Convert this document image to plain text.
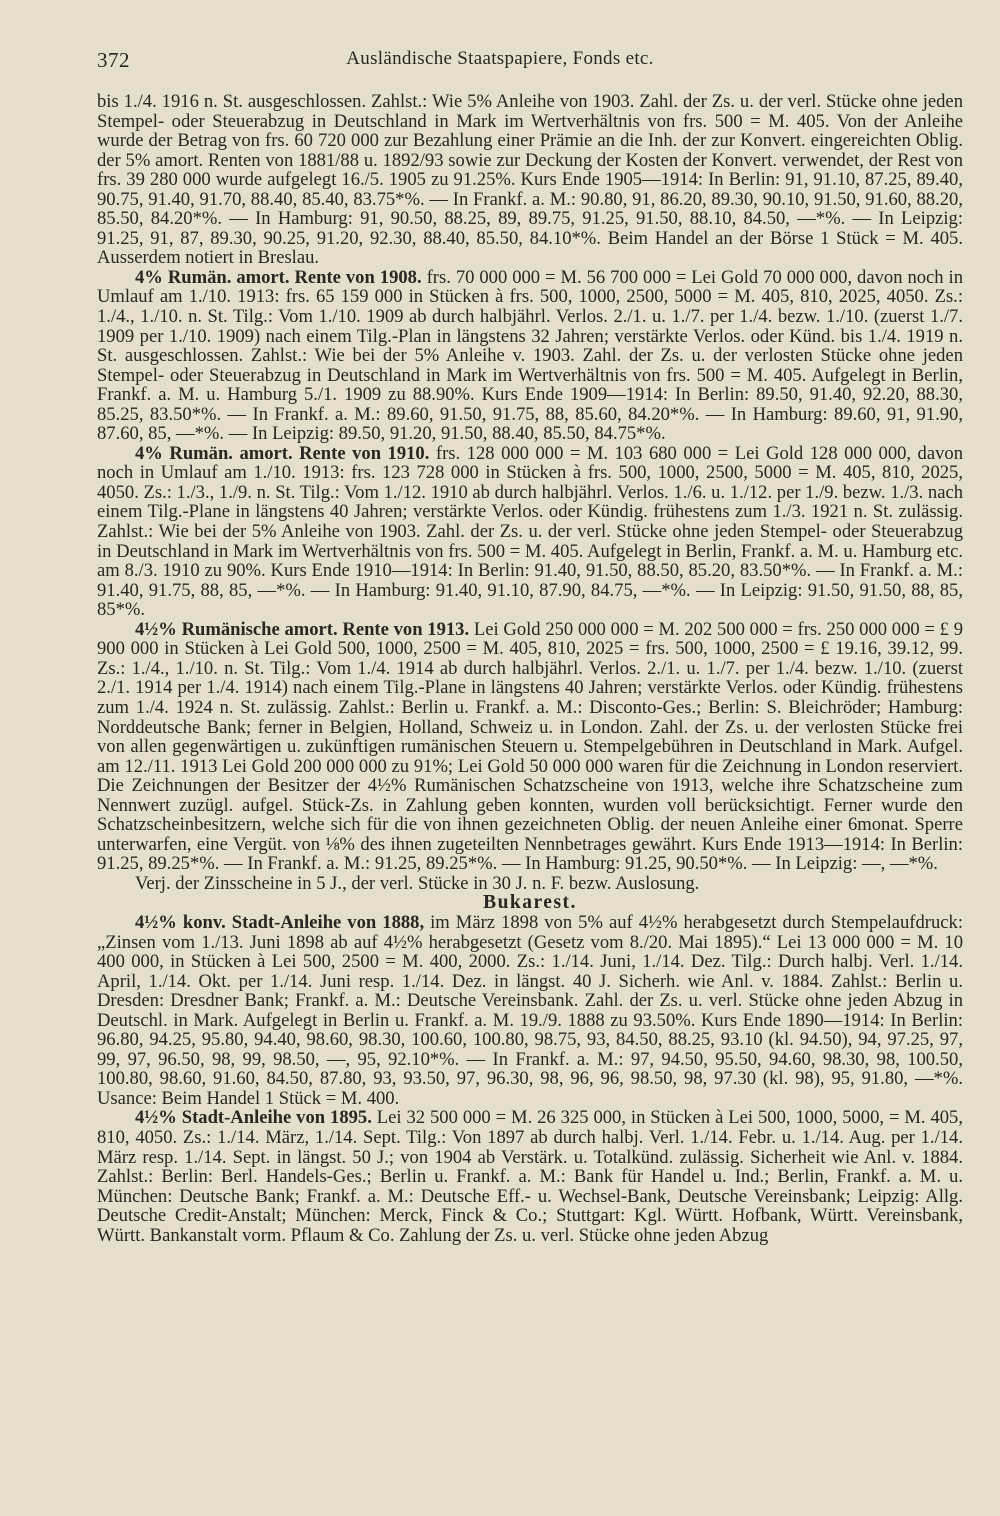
372	Ausländische Staatspapiere, Fonds etc.

bis 1./4. 1916 n. St. ausgeschlossen. Zahlst.: Wie 5% Anleihe von 1903. Zahl. der Zs. u. der verl. Stücke ohne jeden Stempel- oder Steuerabzug in Deutschland in Mark im Wertverhältnis von frs. 500 = M. 405. Von der Anleihe wurde der Betrag von frs. 60 720 000 zur Bezahlung einer Prämie an die Inh. der zur Konvert. eingereichten Oblig. der 5% amort. Renten von 1881/88 u. 1892/93 sowie zur Deckung der Kosten der Konvert. verwendet, der Rest von frs. 39 280 000 wurde aufgelegt 16./5. 1905 zu 91.25%. Kurs Ende 1905—1914: In Berlin: 91, 91.10, 87.25, 89.40, 90.75, 91.40, 91.70, 88.40, 85.40, 83.75*%. — In Frankf. a. M.: 90.80, 91, 86.20, 89.30, 90.10, 91.50, 91.60, 88.20, 85.50, 84.20*%. — In Hamburg: 91, 90.50, 88.25, 89, 89.75, 91.25, 91.50, 88.10, 84.50, —*%. — In Leipzig: 91.25, 91, 87, 89.30, 90.25, 91.20, 92.30, 88.40, 85.50, 84.10*%. Beim Handel an der Börse 1 Stück = M. 405. Ausserdem notiert in Breslau.

4% Rumän. amort. Rente von 1908. frs. 70 000 000 = M. 56 700 000 = Lei Gold 70 000 000, davon noch in Umlauf am 1./10. 1913: frs. 65 159 000 in Stücken à frs. 500, 1000, 2500, 5000 = M. 405, 810, 2025, 4050. Zs.: 1./4., 1./10. n. St. Tilg.: Vom 1./10. 1909 ab durch halbjährl. Verlos. 2./1. u. 1./7. per 1./4. bezw. 1./10. (zuerst 1./7. 1909 per 1./10. 1909) nach einem Tilg.-Plan in längstens 32 Jahren; verstärkte Verlos. oder Künd. bis 1./4. 1919 n. St. ausgeschlossen. Zahlst.: Wie bei der 5% Anleihe v. 1903. Zahl. der Zs. u. der verlosten Stücke ohne jeden Stempel- oder Steuerabzug in Deutschland in Mark im Wertverhältnis von frs. 500 = M. 405. Aufgelegt in Berlin, Frankf. a. M. u. Hamburg 5./1. 1909 zu 88.90%. Kurs Ende 1909—1914: In Berlin: 89.50, 91.40, 92.20, 88.30, 85.25, 83.50*%. — In Frankf. a. M.: 89.60, 91.50, 91.75, 88, 85.60, 84.20*%. — In Hamburg: 89.60, 91, 91.90, 87.60, 85, —*%. — In Leipzig: 89.50, 91.20, 91.50, 88.40, 85.50, 84.75*%.

4% Rumän. amort. Rente von 1910. frs. 128 000 000 = M. 103 680 000 = Lei Gold 128 000 000, davon noch in Umlauf am 1./10. 1913: frs. 123 728 000 in Stücken à frs. 500, 1000, 2500, 5000 = M. 405, 810, 2025, 4050. Zs.: 1./3., 1./9. n. St. Tilg.: Vom 1./12. 1910 ab durch halbjährl. Verlos. 1./6. u. 1./12. per 1./9. bezw. 1./3. nach einem Tilg.-Plane in längstens 40 Jahren; verstärkte Verlos. oder Kündig. frühestens zum 1./3. 1921 n. St. zulässig. Zahlst.: Wie bei der 5% Anleihe von 1903. Zahl. der Zs. u. der verl. Stücke ohne jeden Stempel- oder Steuerabzug in Deutschland in Mark im Wertverhältnis von frs. 500 = M. 405. Aufgelegt in Berlin, Frankf. a. M. u. Hamburg etc. am 8./3. 1910 zu 90%. Kurs Ende 1910—1914: In Berlin: 91.40, 91.50, 88.50, 85.20, 83.50*%. — In Frankf. a. M.: 91.40, 91.75, 88, 85, —*%. — In Hamburg: 91.40, 91.10, 87.90, 84.75, —*%. — In Leipzig: 91.50, 91.50, 88, 85, 85*%.

4½% Rumänische amort. Rente von 1913. Lei Gold 250 000 000 = M. 202 500 000 = frs. 250 000 000 = £ 9 900 000 in Stücken à Lei Gold 500, 1000, 2500 = M. 405, 810, 2025 = frs. 500, 1000, 2500 = £ 19.16, 39.12, 99. Zs.: 1./4., 1./10. n. St. Tilg.: Vom 1./4. 1914 ab durch halbjährl. Verlos. 2./1. u. 1./7. per 1./4. bezw. 1./10. (zuerst 2./1. 1914 per 1./4. 1914) nach einem Tilg.-Plane in längstens 40 Jahren; verstärkte Verlos. oder Kündig. frühestens zum 1./4. 1924 n. St. zulässig. Zahlst.: Berlin u. Frankf. a. M.: Disconto-Ges.; Berlin: S. Bleichröder; Hamburg: Norddeutsche Bank; ferner in Belgien, Holland, Schweiz u. in London. Zahl. der Zs. u. der verlosten Stücke frei von allen gegenwärtigen u. zukünftigen rumänischen Steuern u. Stempelgebühren in Deutschland in Mark. Aufgel. am 12./11. 1913 Lei Gold 200 000 000 zu 91%; Lei Gold 50 000 000 waren für die Zeichnung in London reserviert. Die Zeichnungen der Besitzer der 4½% Rumänischen Schatzscheine von 1913, welche ihre Schatzscheine zum Nennwert zuzügl. aufgel. Stück-Zs. in Zahlung geben konnten, wurden voll berücksichtigt. Ferner wurde den Schatzscheinbesitzern, welche sich für die von ihnen gezeichneten Oblig. der neuen Anleihe einer 6monat. Sperre unterwarfen, eine Vergüt. von ⅛% des ihnen zugeteilten Nennbetrages gewährt. Kurs Ende 1913—1914: In Berlin: 91.25, 89.25*%. — In Frankf. a. M.: 91.25, 89.25*%. — In Hamburg: 91.25, 90.50*%. — In Leipzig: —, —*%.

Verj. der Zinsscheine in 5 J., der verl. Stücke in 30 J. n. F. bezw. Auslosung.

Bukarest.

4½% konv. Stadt-Anleihe von 1888, im März 1898 von 5% auf 4½% herabgesetzt durch Stempelaufdruck: „Zinsen vom 1./13. Juni 1898 ab auf 4½% herabgesetzt (Gesetz vom 8./20. Mai 1895).“ Lei 13 000 000 = M. 10 400 000, in Stücken à Lei 500, 2500 = M. 400, 2000. Zs.: 1./14. Juni, 1./14. Dez. Tilg.: Durch halbj. Verl. 1./14. April, 1./14. Okt. per 1./14. Juni resp. 1./14. Dez. in längst. 40 J. Sicherh. wie Anl. v. 1884. Zahlst.: Berlin u. Dresden: Dresdner Bank; Frankf. a. M.: Deutsche Vereinsbank. Zahl. der Zs. u. verl. Stücke ohne jeden Abzug in Deutschl. in Mark. Aufgelegt in Berlin u. Frankf. a. M. 19./9. 1888 zu 93.50%. Kurs Ende 1890—1914: In Berlin: 96.80, 94.25, 95.80, 94.40, 98.60, 98.30, 100.60, 100.80, 98.75, 93, 84.50, 88.25, 93.10 (kl. 94.50), 94, 97.25, 97, 99, 97, 96.50, 98, 99, 98.50, —, 95, 92.10*%. — In Frankf. a. M.: 97, 94.50, 95.50, 94.60, 98.30, 98, 100.50, 100.80, 98.60, 91.60, 84.50, 87.80, 93, 93.50, 97, 96.30, 98, 96, 96, 98.50, 98, 97.30 (kl. 98), 95, 91.80, —*%. Usance: Beim Handel 1 Stück = M. 400.

4½% Stadt-Anleihe von 1895. Lei 32 500 000 = M. 26 325 000, in Stücken à Lei 500, 1000, 5000, = M. 405, 810, 4050. Zs.: 1./14. März, 1./14. Sept. Tilg.: Von 1897 ab durch halbj. Verl. 1./14. Febr. u. 1./14. Aug. per 1./14. März resp. 1./14. Sept. in längst. 50 J.; von 1904 ab Verstärk. u. Totalkünd. zulässig. Sicherheit wie Anl. v. 1884. Zahlst.: Berlin: Berl. Handels-Ges.; Berlin u. Frankf. a. M.: Bank für Handel u. Ind.; Berlin, Frankf. a. M. u. München: Deutsche Bank; Frankf. a. M.: Deutsche Eff.- u. Wechsel-Bank, Deutsche Vereinsbank; Leipzig: Allg. Deutsche Credit-Anstalt; München: Merck, Finck & Co.; Stuttgart: Kgl. Württ. Hofbank, Württ. Vereinsbank, Württ. Bankanstalt vorm. Pflaum & Co. Zahlung der Zs. u. verl. Stücke ohne jeden Abzug
